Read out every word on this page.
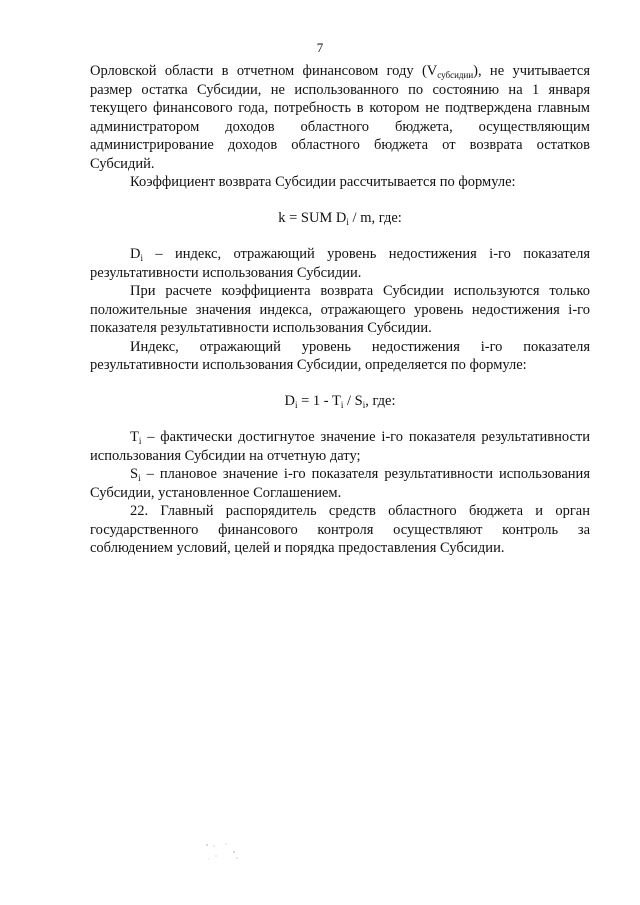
7

Орловской области в отчетном финансовом году $(V_{субсидии})$, не учитывается размер остатка Субсидии, не использованного по состоянию на 1 января текущего финансового года, потребность в котором не подтверждена главным администратором доходов областного бюджета, осуществляющим администрирование доходов областного бюджета от возврата остатков Субсидий.

Коэффициент возврата Субсидии рассчитывается по формуле:

k = SUM $D_i$ / m, где:

$D_i$ – индекс, отражающий уровень недостижения i-го показателя результативности использования Субсидии.

При расчете коэффициента возврата Субсидии используются только положительные значения индекса, отражающего уровень недостижения i-го показателя результативности использования Субсидии.

Индекс, отражающий уровень недостижения i-го показателя результативности использования Субсидии, определяется по формуле:

$D_i = 1 - T_i / S_i$, где:

$T_i$ – фактически достигнутое значение i-го показателя результативности использования Субсидии на отчетную дату;

$S_i$ – плановое значение i-го показателя результативности использования Субсидии, установленное Соглашением.

22. Главный распорядитель средств областного бюджета и орган государственного финансового контроля осуществляют контроль за соблюдением условий, целей и порядка предоставления Субсидии.
